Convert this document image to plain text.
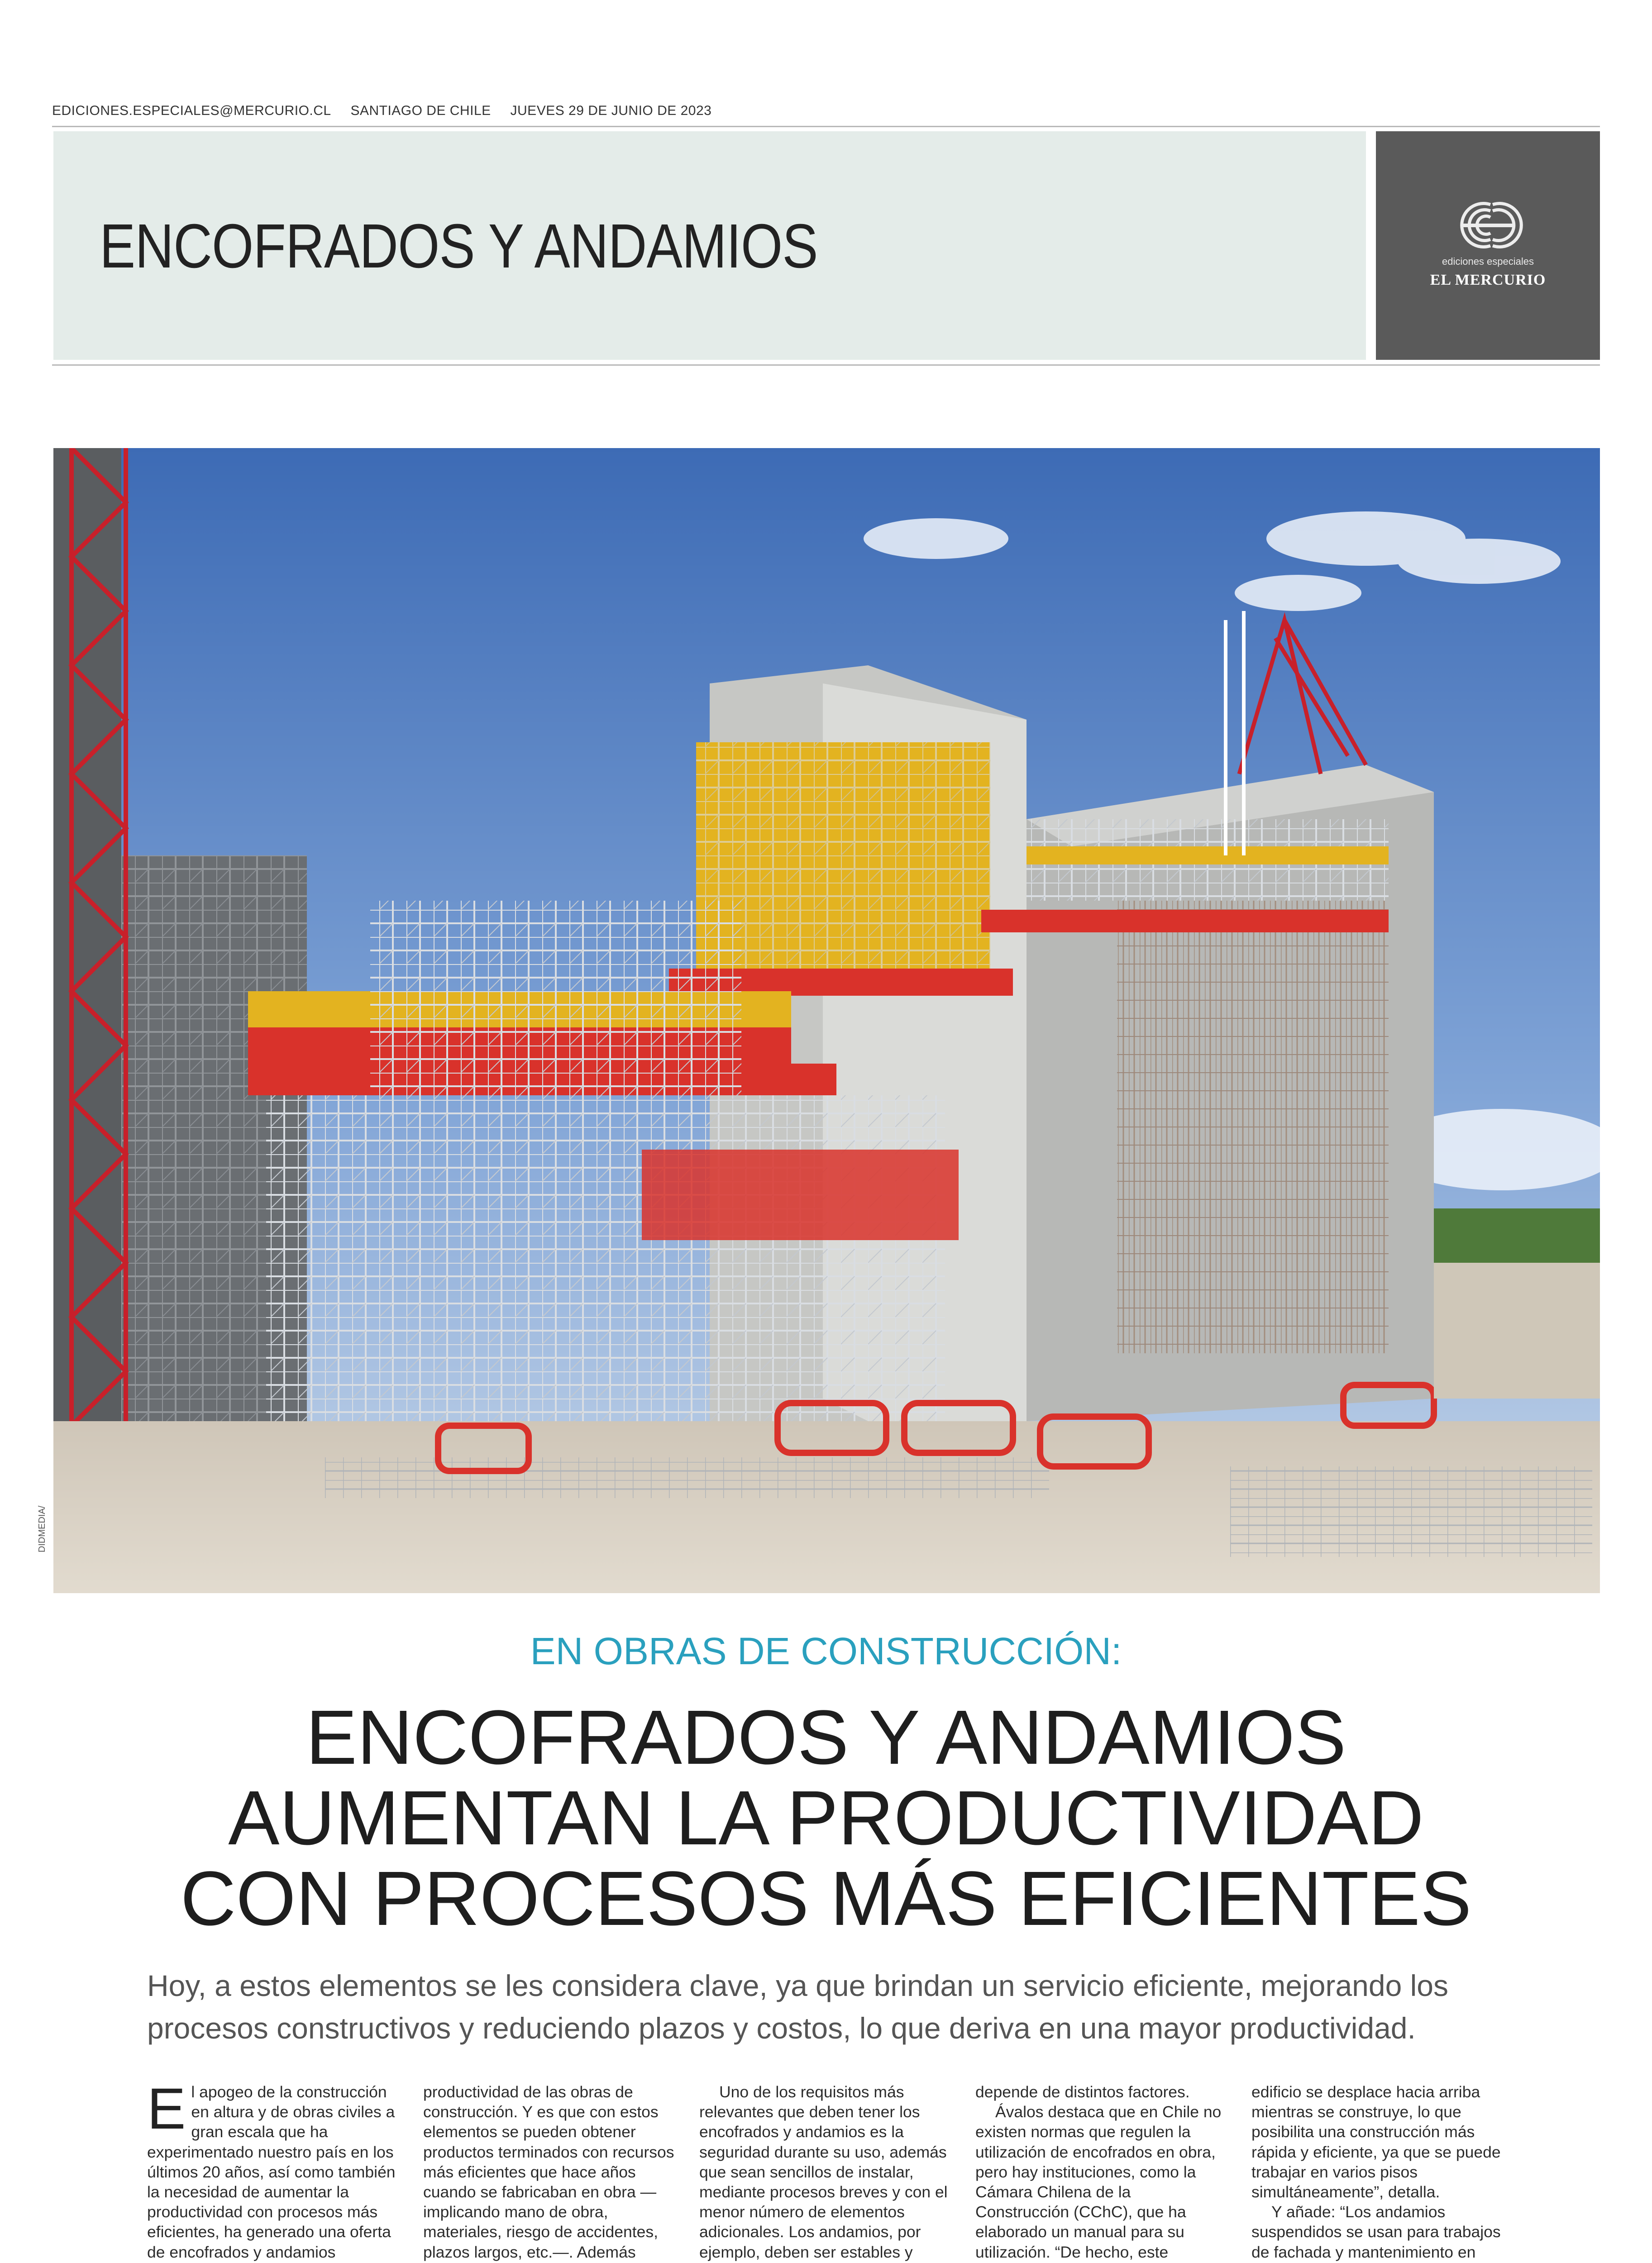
EDICIONES.ESPECIALES@MERCURIO.CL SANTIAGO DE CHILE JUEVES 29 DE JUNIO DE 2023
ENCOFRADOS Y ANDAMIOS	ediciones especiales
EL MERCURIO
DIDMEDIA/
EN OBRAS DE CONSTRUCCIÓN:
ENCOFRADOS Y ANDAMIOS
AUMENTAN LA PRODUCTIVIDAD
CON PROCESOS MÁS EFICIENTES
Hoy, a estos elementos se les considera clave, ya que brindan un servicio eficiente, mejorando los procesos constructivos y reduciendo plazos y costos, lo que deriva en una mayor productividad.

El apogeo de la construcción en altura y de obras civiles a gran escala que ha experimentado nuestro país en los últimos 20 años, así como también la necesidad de aumentar la productividad con procesos más eficientes, ha generado una oferta de encofrados y andamios

productividad de las obras de construcción. Y es que con estos elementos se pueden obtener productos terminados con recursos más eficientes que hace años cuando se fabricaban en obra —implicando mano de obra, materiales, riesgo de accidentes, plazos largos, etc.—. Además

Uno de los requisitos más relevantes que deben tener los encofrados y andamios es la seguridad durante su uso, además que sean sencillos de instalar, mediante procesos breves y con el menor número de elementos adicionales. Los andamios, por ejemplo, deben ser estables y

depende de distintos factores.

Ávalos destaca que en Chile no existen normas que regulen la utilización de encofrados en obra, pero hay instituciones, como la Cámara Chilena de la Construcción (CChC), que ha elaborado un manual para su utilización. “De hecho, este

edificio se desplace hacia arriba mientras se construye, lo que posibilita una construcción más rápida y eficiente, ya que se puede trabajar en varios pisos simultáneamente”, detalla.

Y añade: “Los andamios suspendidos se usan para trabajos de fachada y mantenimiento en
